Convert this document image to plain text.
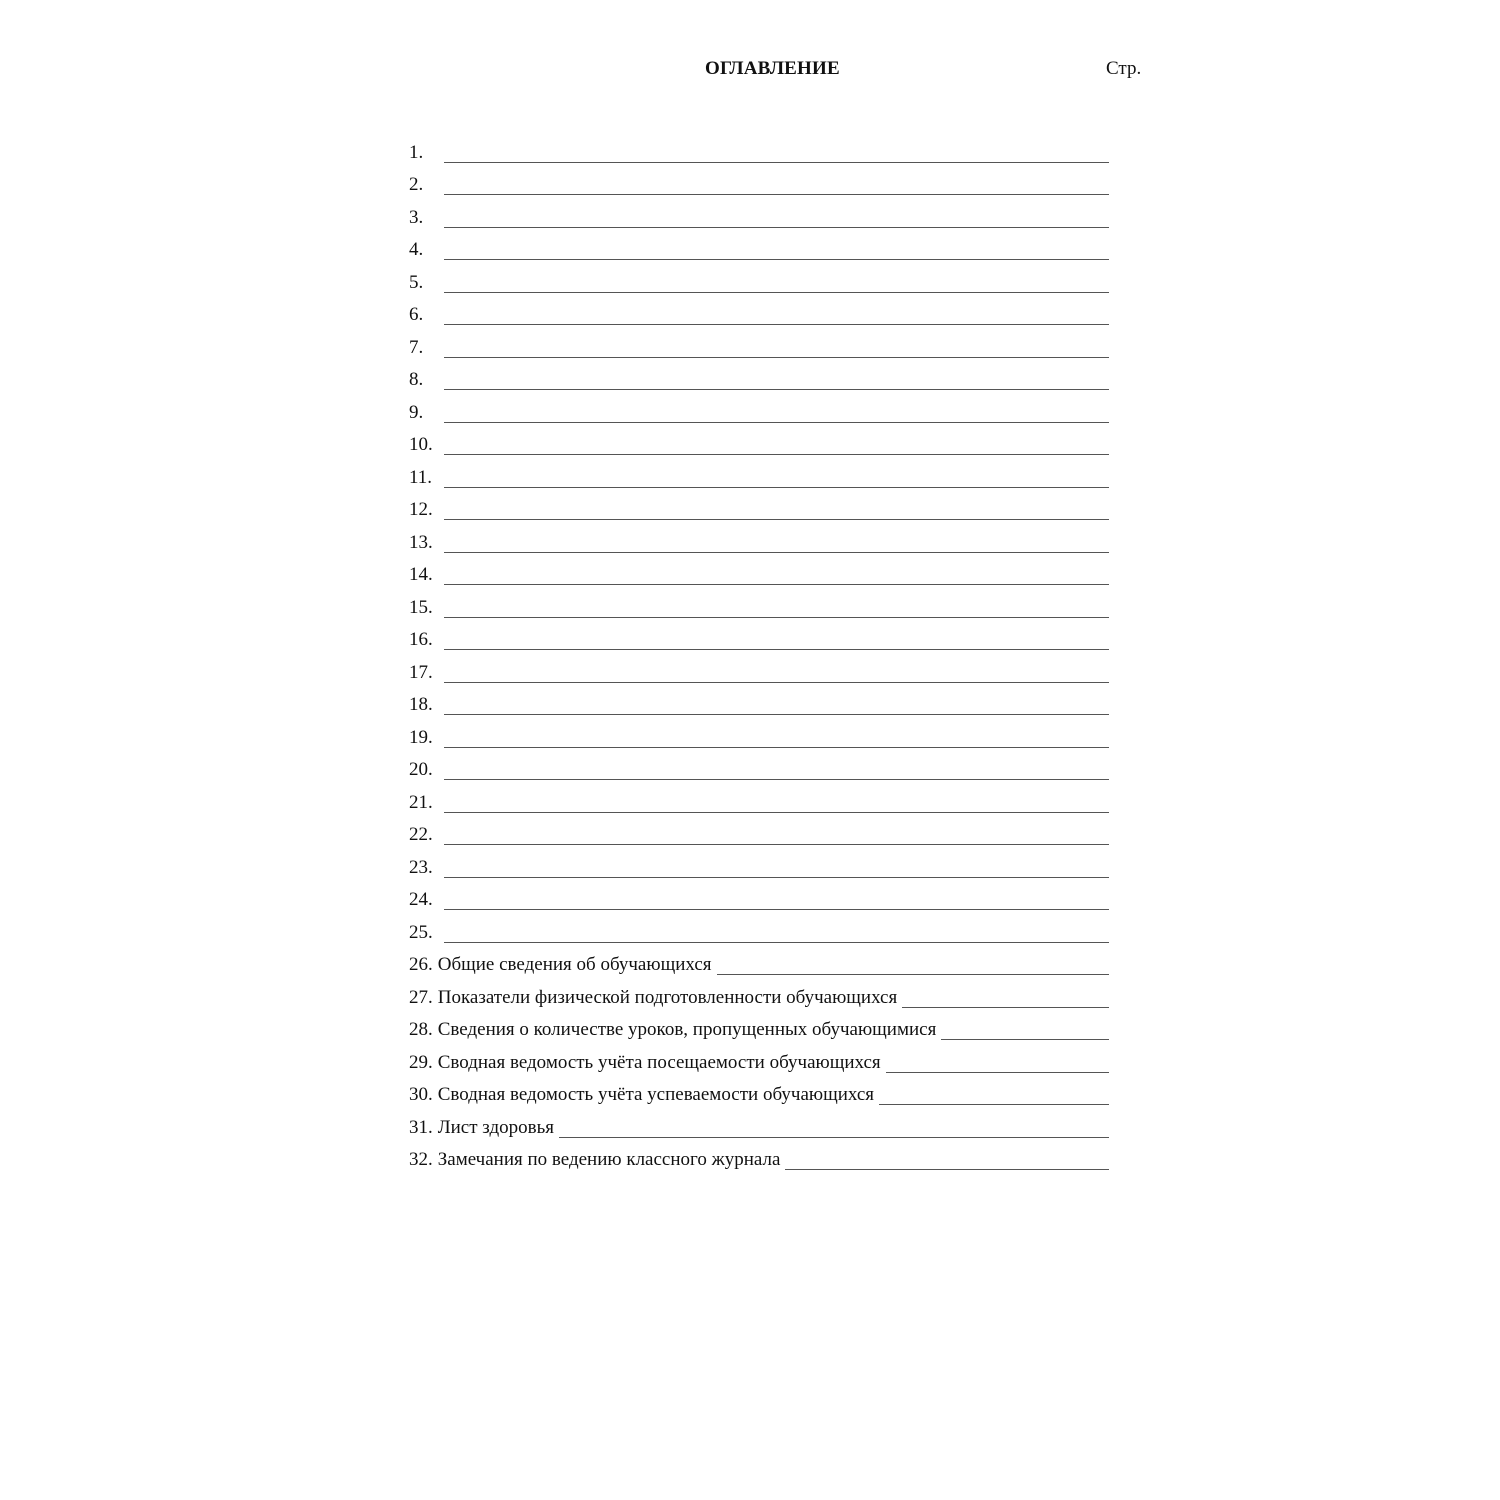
ОГЛАВЛЕНИЕ	Стр.
1.
2.
3.
4.
5.
6.
7.
8.
9.
10.
11.
12.
13.
14.
15.
16.
17.
18.
19.
20.
21.
22.
23.
24.
25.
26. Общие сведения об обучающихся
27. Показатели физической подготовленности обучающихся
28. Сведения о количестве уроков, пропущенных обучающимися
29. Сводная ведомость учёта посещаемости обучающихся
30. Сводная ведомость учёта успеваемости обучающихся
31. Лист здоровья
32. Замечания по ведению классного журнала
